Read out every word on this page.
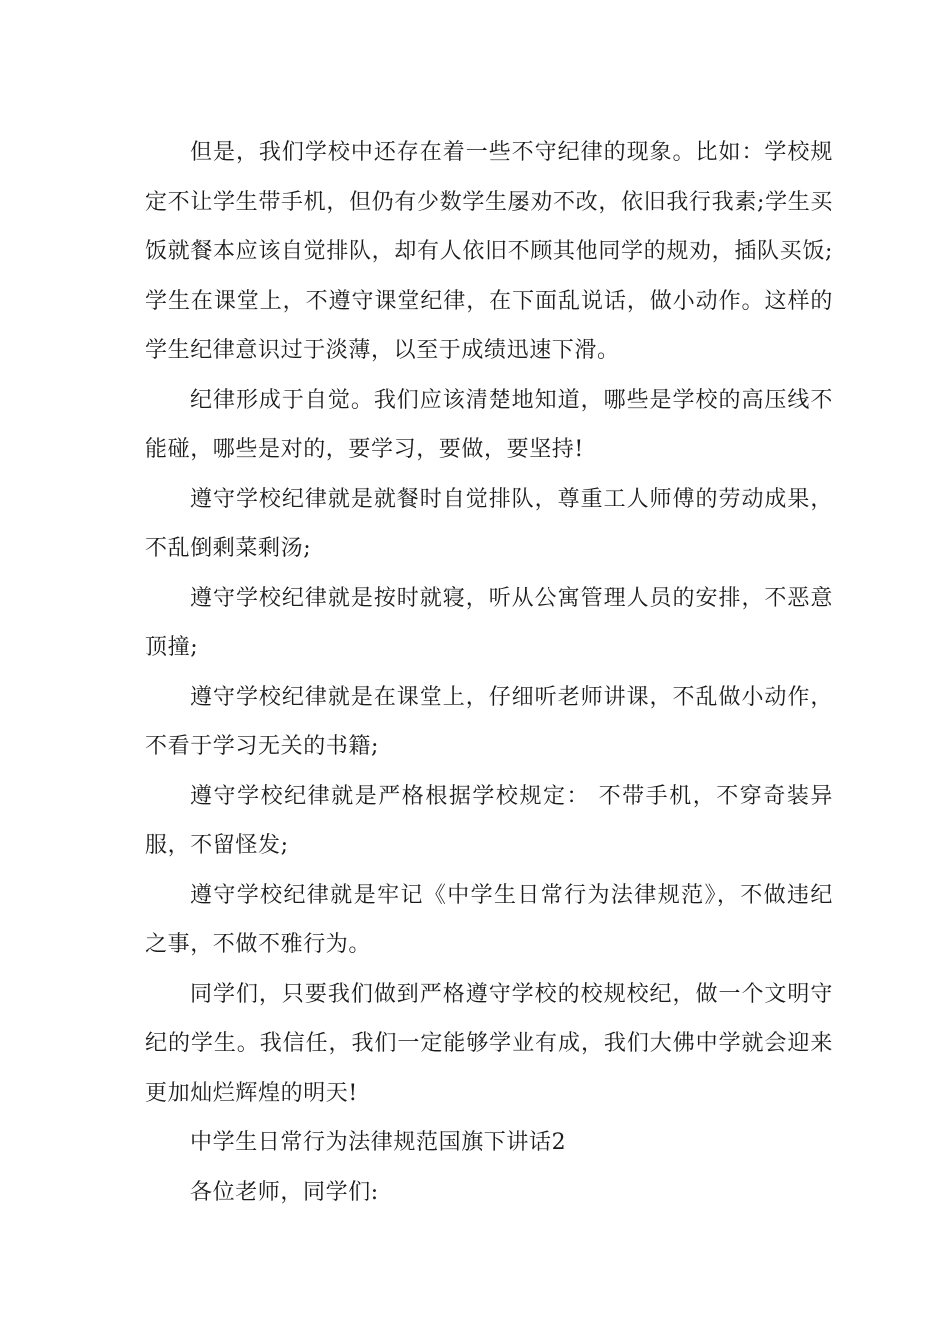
但是，我们学校中还存在着一些不守纪律的现象。比如：学校规定不让学生带手机，但仍有少数学生屡劝不改，依旧我行我素;学生买饭就餐本应该自觉排队，却有人依旧不顾其他同学的规劝，插队买饭;学生在课堂上，不遵守课堂纪律，在下面乱说话，做小动作。这样的学生纪律意识过于淡薄，以至于成绩迅速下滑。

纪律形成于自觉。我们应该清楚地知道，哪些是学校的高压线不能碰，哪些是对的，要学习，要做，要坚持!

遵守学校纪律就是就餐时自觉排队，尊重工人师傅的劳动成果，不乱倒剩菜剩汤;

遵守学校纪律就是按时就寝，听从公寓管理人员的安排，不恶意顶撞;

遵守学校纪律就是在课堂上，仔细听老师讲课，不乱做小动作，不看于学习无关的书籍;

遵守学校纪律就是严格根据学校规定： 不带手机，不穿奇装异服，不留怪发;

遵守学校纪律就是牢记《中学生日常行为法律规范》，不做违纪之事，不做不雅行为。

同学们，只要我们做到严格遵守学校的校规校纪，做一个文明守纪的学生。我信任，我们一定能够学业有成，我们大佛中学就会迎来更加灿烂辉煌的明天!

中学生日常行为法律规范国旗下讲话2

各位老师，同学们:
